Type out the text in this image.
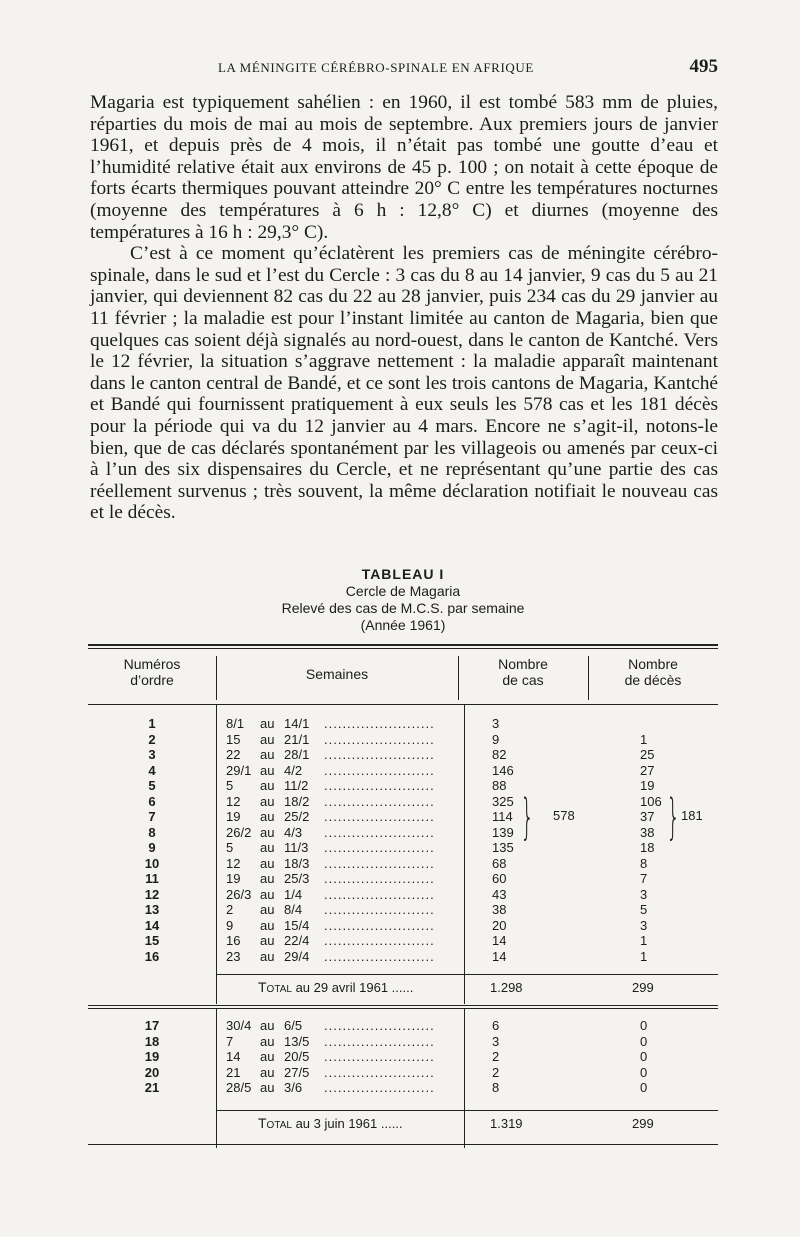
LA MÉNINGITE CÉRÉBRO-SPINALE EN AFRIQUE	495

Magaria est typiquement sahélien : en 1960, il est tombé 583 mm de pluies, réparties du mois de mai au mois de septembre. Aux premiers jours de janvier 1961, et depuis près de 4 mois, il n’était pas tombé une goutte d’eau et l’humidité relative était aux environs de 45 p. 100 ; on notait à cette époque de forts écarts thermiques pouvant atteindre 20° C entre les températures nocturnes (moyenne des températures à 6 h : 12,8° C) et diurnes (moyenne des températures à 16 h : 29,3° C).

C’est à ce moment qu’éclatèrent les premiers cas de méningite cérébro-spinale, dans le sud et l’est du Cercle : 3 cas du 8 au 14 janvier, 9 cas du 5 au 21 janvier, qui deviennent 82 cas du 22 au 28 janvier, puis 234 cas du 29 janvier au 11 février ; la maladie est pour l’instant limitée au canton de Magaria, bien que quelques cas soient déjà signalés au nord-ouest, dans le canton de Kantché. Vers le 12 février, la situation s’aggrave nettement : la maladie apparaît maintenant dans le canton central de Bandé, et ce sont les trois cantons de Magaria, Kantché et Bandé qui fournissent pratiquement à eux seuls les 578 cas et les 181 décès pour la période qui va du 12 janvier au 4 mars. Encore ne s’agit-il, notons-le bien, que de cas déclarés spontanément par les villageois ou amenés par ceux-ci à l’un des six dispensaires du Cercle, et ne représentant qu’une partie des cas réellement survenus ; très souvent, la même déclaration notifiait le nouveau cas et le décès.

TABLEAU I
Cercle de Magaria
Relevé des cas de M.C.S. par semaine
(Année 1961)
Numéros
d’ordre	Semaines
Nombre
de cas
Nombre
de décès
1	8/1 au 14/1 ........................	3
2	15 au 21/1 ........................	9	1
3	22 au 28/1 ........................	82	25
4	29/1 au 4/2 ........................	146	27
5	5 au 11/2 ........................	88	19
6	12 au 18/2 ........................	325	106
7	19 au 25/2 ........................	114	37
8	26/2 au 4/3 ........................	139	38
9	5 au 11/3 ........................	135	18
10	12 au 18/3 ........................	68	8
11	19 au 25/3 ........................	60	7
12	26/3 au 1/4 ........................	43	3
13	2 au 8/4 ........................	38	5
14	9 au 15/4 ........................	20	3
15	16 au 22/4 ........................	14	1
16	23 au 29/4 ........................	14	1
} 578 } 181
Total au 29 avril 1961 ......	1.298	299
17	30/4 au 6/5 ........................	6	0
18	7 au 13/5 ........................	3	0
19	14 au 20/5 ........................	2	0
20	21 au 27/5 ........................	2	0
21	28/5 au 3/6 ........................	8	0
Total au 3 juin 1961 ......	1.319	299
